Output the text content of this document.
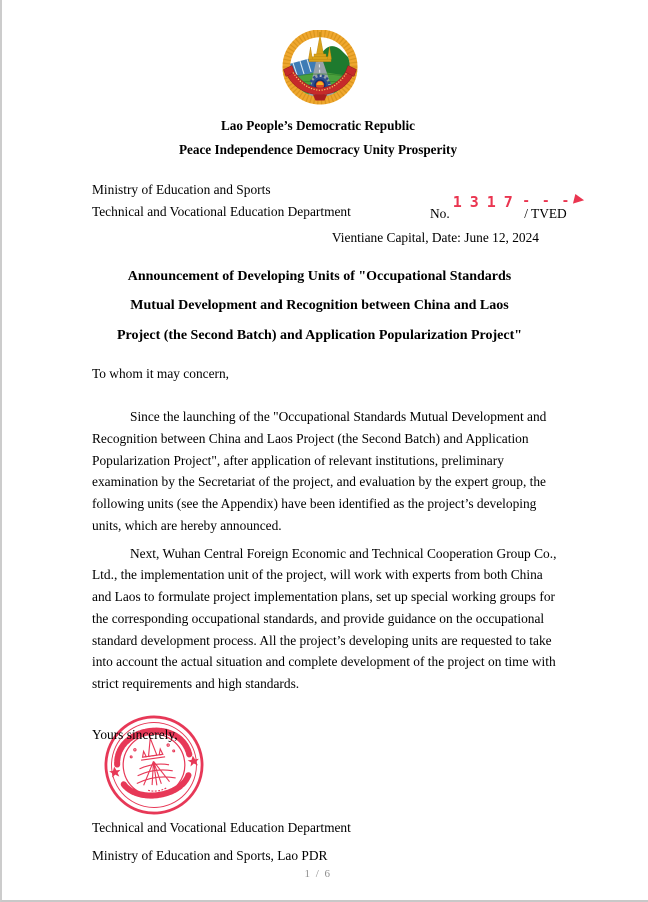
Lao People’s Democratic Republic
Peace Independence Democracy Unity Prosperity
Ministry of Education and Sports
Technical and Vocational Education Department	No.1317 - - -
/ TVED
Vientiane Capital, Date: June 12, 2024
Announcement of Developing Units of "Occupational Standards
Mutual Development and Recognition between China and Laos
Project (the Second Batch) and Application Popularization Project"
To whom it may concern,

Since the launching of the "Occupational Standards Mutual Development and Recognition between China and Laos Project (the Second Batch) and Application Popularization Project", after application of relevant institutions, preliminary examination by the Secretariat of the project, and evaluation by the expert group, the following units (see the Appendix) have been identified as the project’s developing units, which are hereby announced.

Next, Wuhan Central Foreign Economic and Technical Cooperation Group Co., Ltd., the implementation unit of the project, will work with experts from both China and Laos to formulate project implementation plans, set up special working groups for the corresponding occupational standards, and provide guidance on the occupational standard development process. All the project’s developing units are requested to take into account the actual situation and complete development of the project on time with strict requirements and high standards.

Yours sincerely,
Technical and Vocational Education Department
Ministry of Education and Sports, Lao PDR
1 / 6
